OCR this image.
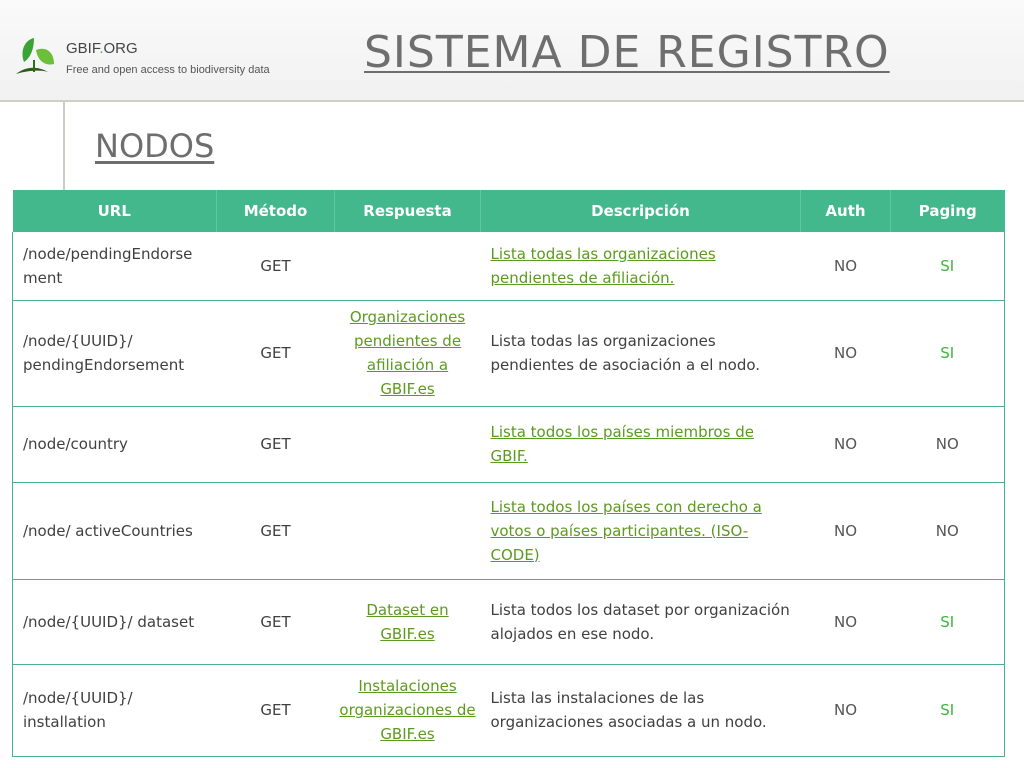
GBIF.ORG
Free and open access to biodiversity data SISTEMA DE REGISTRO
NODOS
URL	Método	Respuesta	Descripción	Auth	Paging
/node/pendingEndorsement	GET		Lista todas las organizaciones pendientes de afiliación.	NO	SI
/node/{UUID}/ pendingEndorsement	GET	Organizaciones pendientes de afiliación a GBIF.es	Lista todas las organizaciones pendientes de asociación a el nodo.	NO	SI
/node/country	GET		Lista todos los países miembros de GBIF.	NO	NO
/node/ activeCountries	GET		Lista todos los países con derecho a votos o países participantes. (ISO-CODE)	NO	NO
/node/{UUID}/ dataset	GET	Dataset en GBIF.es	Lista todos los dataset por organización alojados en ese nodo.	NO	SI
/node/{UUID}/ installation	GET	Instalaciones organizaciones de GBIF.es	Lista las instalaciones de las organizaciones asociadas a un nodo.	NO	SI
